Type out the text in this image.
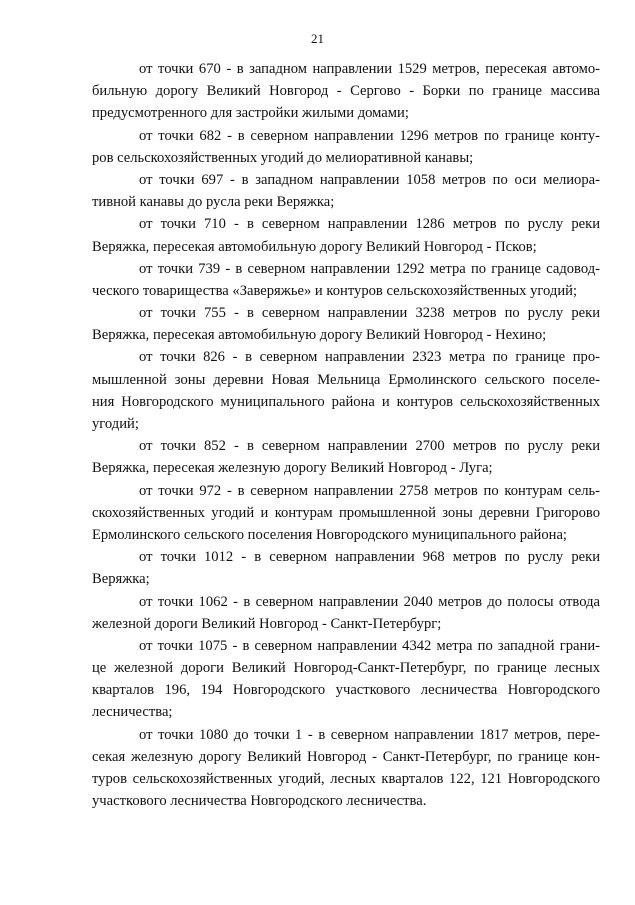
21
от точки 670 - в западном направлении 1529 метров, пересекая автомо-
бильную дорогу Великий Новгород - Сергово - Борки по границе массива
предусмотренного для застройки жилыми домами;
от точки 682 - в северном направлении 1296 метров по границе конту-
ров сельскохозяйственных угодий до мелиоративной канавы;
от точки 697 - в западном направлении 1058 метров по оси мелиора-
тивной канавы до русла реки Веряжка;
от точки 710 - в северном направлении 1286 метров по руслу реки
Веряжка, пересекая автомобильную дорогу Великий Новгород - Псков;
от точки 739 - в северном направлении 1292 метра по границе садовод-
ческого товарищества «Заверяжье» и контуров сельскохозяйственных угодий;
от точки 755 - в северном направлении 3238 метров по руслу реки
Веряжка, пересекая автомобильную дорогу Великий Новгород - Нехино;
от точки 826 - в северном направлении 2323 метра по границе про-
мышленной зоны деревни Новая Мельница Ермолинского сельского поселе-
ния Новгородского муниципального района и контуров сельскохозяйственных
угодий;
от точки 852 - в северном направлении 2700 метров по руслу реки
Веряжка, пересекая железную дорогу Великий Новгород - Луга;
от точки 972 - в северном направлении 2758 метров по контурам сель-
скохозяйственных угодий и контурам промышленной зоны деревни Григорово
Ермолинского сельского поселения Новгородского муниципального района;
от точки 1012 - в северном направлении 968 метров по руслу реки
Веряжка;
от точки 1062 - в северном направлении 2040 метров до полосы отвода
железной дороги Великий Новгород - Санкт-Петербург;
от точки 1075 - в северном направлении 4342 метра по западной грани-
це железной дороги Великий Новгород-Санкт-Петербург, по границе лесных
кварталов 196, 194 Новгородского участкового лесничества Новгородского
лесничества;
от точки 1080 до точки 1 - в северном направлении 1817 метров, пере-
секая железную дорогу Великий Новгород - Санкт-Петербург, по границе кон-
туров сельскохозяйственных угодий, лесных кварталов 122, 121 Новгородского
участкового лесничества Новгородского лесничества.
